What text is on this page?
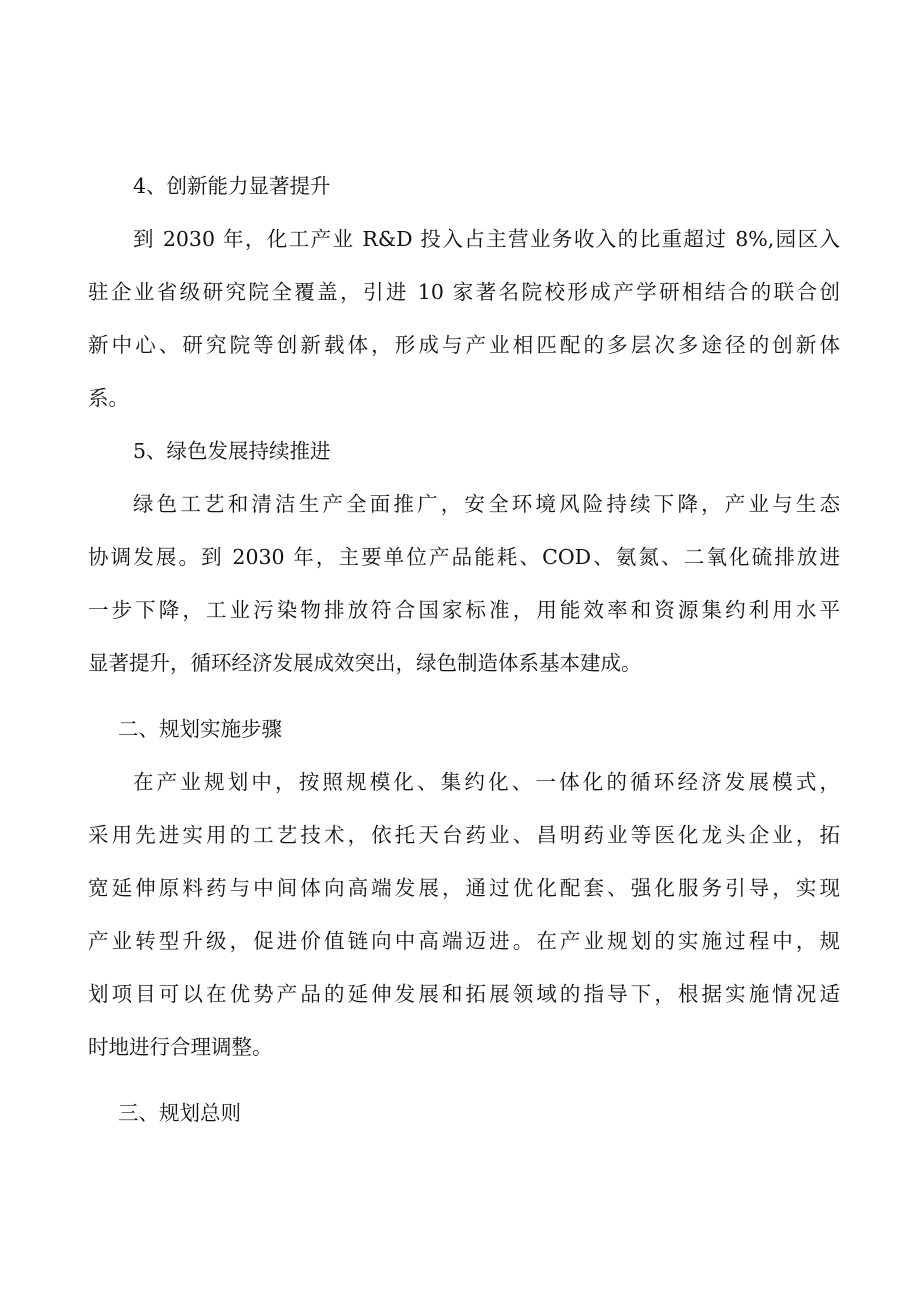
4、创新能力显著提升
到 2030 年，化工产业 R&D 投入占主营业务收入的比重超过 8%,园区入
驻企业省级研究院全覆盖，引进 10 家著名院校形成产学研相结合的联合创
新中心、研究院等创新载体，形成与产业相匹配的多层次多途径的创新体
系。
5、绿色发展持续推进
绿色工艺和清洁生产全面推广，安全环境风险持续下降，产业与生态
协调发展。到 2030 年，主要单位产品能耗、COD、氨氮、二氧化硫排放进
一步下降，工业污染物排放符合国家标准，用能效率和资源集约利用水平
显著提升，循环经济发展成效突出，绿色制造体系基本建成。
二、规划实施步骤
在产业规划中，按照规模化、集约化、一体化的循环经济发展模式，
采用先进实用的工艺技术，依托天台药业、昌明药业等医化龙头企业，拓
宽延伸原料药与中间体向高端发展，通过优化配套、强化服务引导，实现
产业转型升级，促进价值链向中高端迈进。在产业规划的实施过程中，规
划项目可以在优势产品的延伸发展和拓展领域的指导下，根据实施情况适
时地进行合理调整。
三、规划总则
